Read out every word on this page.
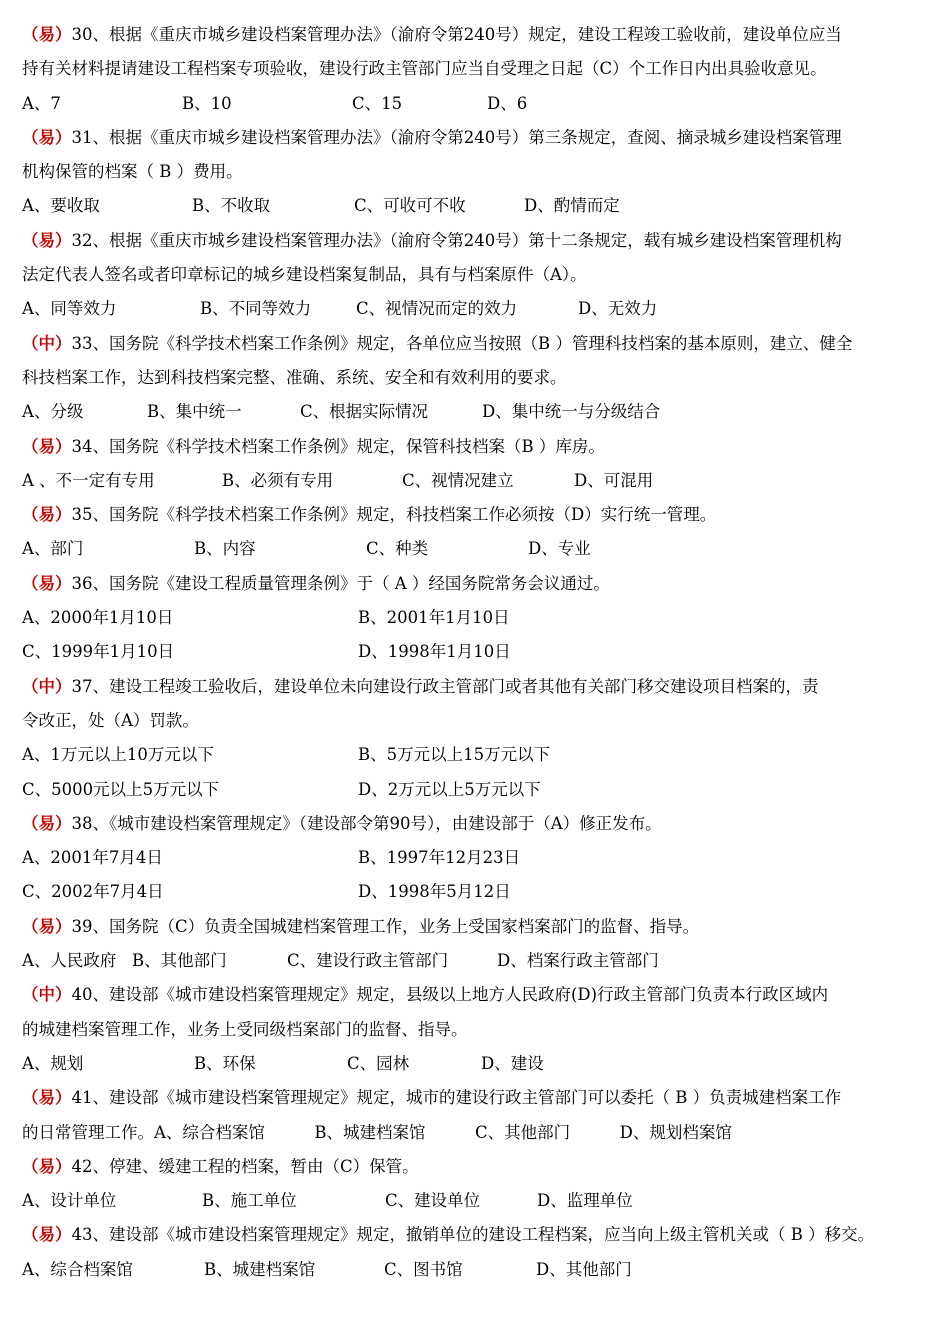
（易）30、根据《重庆市城乡建设档案管理办法》（渝府令第240号）规定，建设工程竣工验收前，建设单位应当
持有关材料提请建设工程档案专项验收，建设行政主管部门应当自受理之日起（C）个工作日内出具验收意见。
A、7	B、10	C、15	D、6
（易）31、根据《重庆市城乡建设档案管理办法》（渝府令第240号）第三条规定，查阅、摘录城乡建设档案管理
机构保管的档案（ B ）费用。
A、要收取	B、不收取	C、可收可不收	D、酌情而定
（易）32、根据《重庆市城乡建设档案管理办法》（渝府令第240号）第十二条规定，载有城乡建设档案管理机构
法定代表人签名或者印章标记的城乡建设档案复制品，具有与档案原件（A）。
A、同等效力	B、不同等效力	C、视情况而定的效力	D、无效力
（中）33、国务院《科学技术档案工作条例》规定，各单位应当按照（B ）管理科技档案的基本原则，建立、健全
科技档案工作，达到科技档案完整、准确、系统、安全和有效利用的要求。
A、分级	B、集中统一	C、根据实际情况	D、集中统一与分级结合
（易）34、国务院《科学技术档案工作条例》规定，保管科技档案（B ）库房。
A 、不一定有专用	B、必须有专用	C、视情况建立	D、可混用
（易）35、国务院《科学技术档案工作条例》规定，科技档案工作必须按（D）实行统一管理。
A、部门	B、内容	C、种类	D、专业
（易）36、国务院《建设工程质量管理条例》于（ A ）经国务院常务会议通过。
A、2000年1月10日	B、2001年1月10日
C、1999年1月10日	D、1998年1月10日
（中）37、建设工程竣工验收后，建设单位未向建设行政主管部门或者其他有关部门移交建设项目档案的，责
令改正，处（A）罚款。
A、1万元以上10万元以下	B、5万元以上15万元以下
C、5000元以上5万元以下	D、2万元以上5万元以下
（易）38、《城市建设档案管理规定》（建设部令第90号），由建设部于（A）修正发布。
A、2001年7月4日	B、1997年12月23日
C、2002年7月4日	D、1998年5月12日
（易）39、国务院（C）负责全国城建档案管理工作，业务上受国家档案部门的监督、指导。
A、人民政府 B、其他部门	C、建设行政主管部门	D、档案行政主管部门
（中）40、建设部《城市建设档案管理规定》规定，县级以上地方人民政府(D)行政主管部门负责本行政区域内
的城建档案管理工作，业务上受同级档案部门的监督、指导。
A、规划	B、环保	C、园林	D、建设
（易）41、建设部《城市建设档案管理规定》规定，城市的建设行政主管部门可以委托（ B ）负责城建档案工作
的日常管理工作。A、综合档案馆　　　B、城建档案馆　　　C、其他部门　　　D、规划档案馆
（易）42、停建、缓建工程的档案，暂由（C）保管。
A、设计单位	B、施工单位	C、建设单位	D、监理单位
（易）43、建设部《城市建设档案管理规定》规定，撤销单位的建设工程档案，应当向上级主管机关或（ B ）移交。
A、综合档案馆	B、城建档案馆	C、图书馆	D、其他部门
